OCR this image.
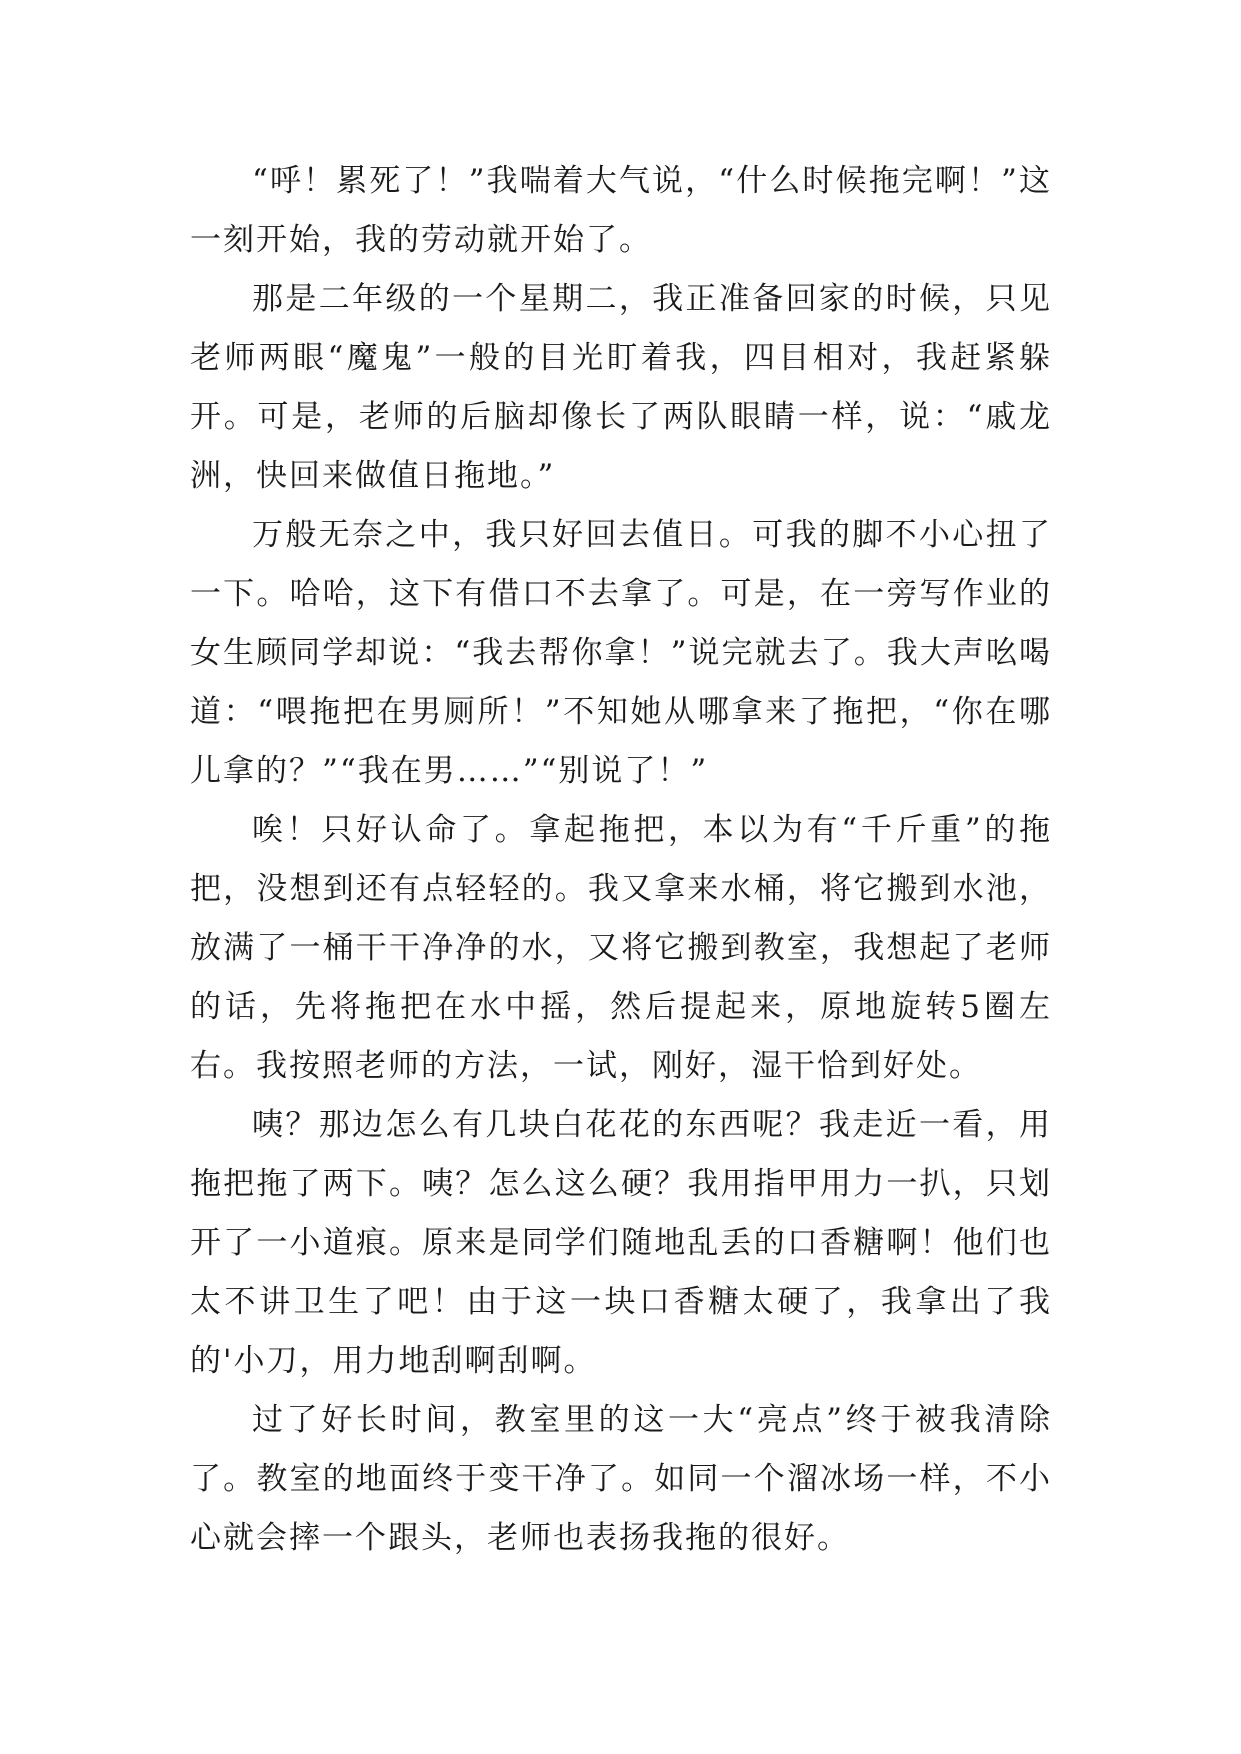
“呼！累死了！”我喘着大气说，“什么时候拖完啊！”这一刻开始，我的劳动就开始了。

那是二年级的一个星期二，我正准备回家的时候，只见老师两眼“魔鬼”一般的目光盯着我，四目相对，我赶紧躲开。可是，老师的后脑却像长了两队眼睛一样，说：“戚龙洲，快回来做值日拖地。”

万般无奈之中，我只好回去值日。可我的脚不小心扭了一下。哈哈，这下有借口不去拿了。可是，在一旁写作业的女生顾同学却说：“我去帮你拿！”说完就去了。我大声吆喝道：“喂拖把在男厕所！”不知她从哪拿来了拖把，“你在哪儿拿的？”“我在男……”“别说了！”

唉！只好认命了。拿起拖把，本以为有“千斤重”的拖把，没想到还有点轻轻的。我又拿来水桶，将它搬到水池，放满了一桶干干净净的水，又将它搬到教室，我想起了老师的话，先将拖把在水中摇，然后提起来，原地旋转5圈左右。我按照老师的方法，一试，刚好，湿干恰到好处。

咦？那边怎么有几块白花花的东西呢？我走近一看，用拖把拖了两下。咦？怎么这么硬？我用指甲用力一扒，只划开了一小道痕。原来是同学们随地乱丢的口香糖啊！他们也太不讲卫生了吧！由于这一块口香糖太硬了，我拿出了我的'小刀，用力地刮啊刮啊。

过了好长时间，教室里的这一大“亮点”终于被我清除了。教室的地面终于变干净了。如同一个溜冰场一样，不小心就会摔一个跟头，老师也表扬我拖的很好。
